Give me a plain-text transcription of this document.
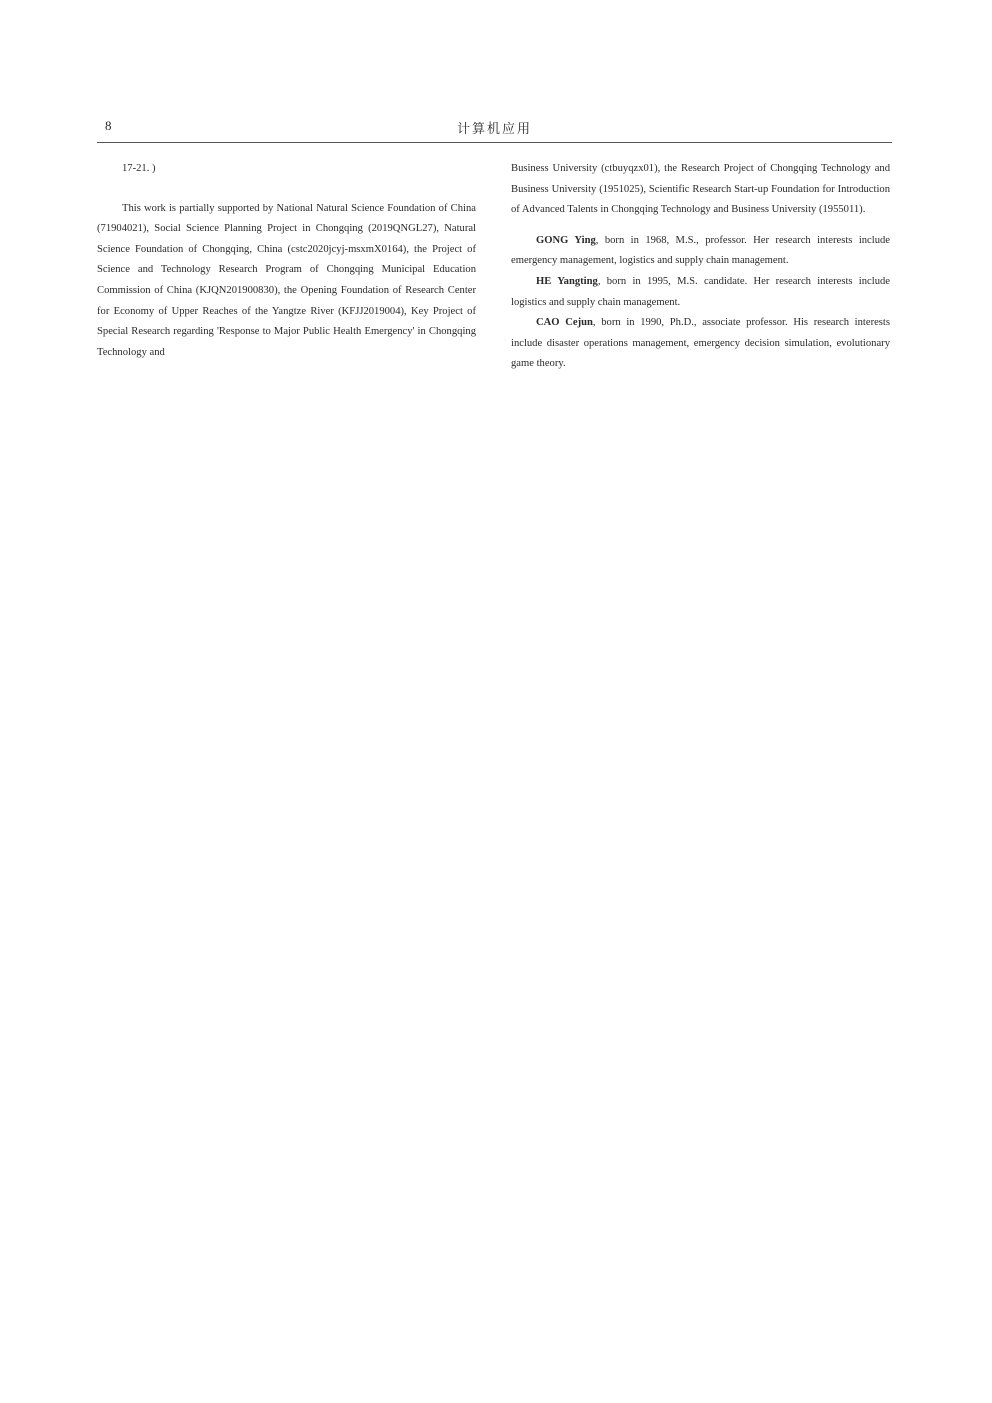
8	计算机应用

17-21. )

This work is partially supported by National Natural Science Foundation of China (71904021), Social Science Planning Project in Chongqing (2019QNGL27), Natural Science Foundation of Chongqing, China (cstc2020jcyj-msxmX0164), the Project of Science and Technology Research Program of Chongqing Municipal Education Commission of China (KJQN201900830), the Opening Foundation of Research Center for Economy of Upper Reaches of the Yangtze River (KFJJ2019004), Key Project of Special Research regarding 'Response to Major Public Health Emergency' in Chongqing Technology and

Business University (ctbuyqzx01), the Research Project of Chongqing Technology and Business University (1951025), Scientific Research Start-up Foundation for Introduction of Advanced Talents in Chongqing Technology and Business University (1955011).

GONG Ying, born in 1968, M.S., professor. Her research interests include emergency management, logistics and supply chain management.

HE Yangting, born in 1995, M.S. candidate. Her research interests include logistics and supply chain management.

CAO Cejun, born in 1990, Ph.D., associate professor. His research interests include disaster operations management, emergency decision simulation, evolutionary game theory.
